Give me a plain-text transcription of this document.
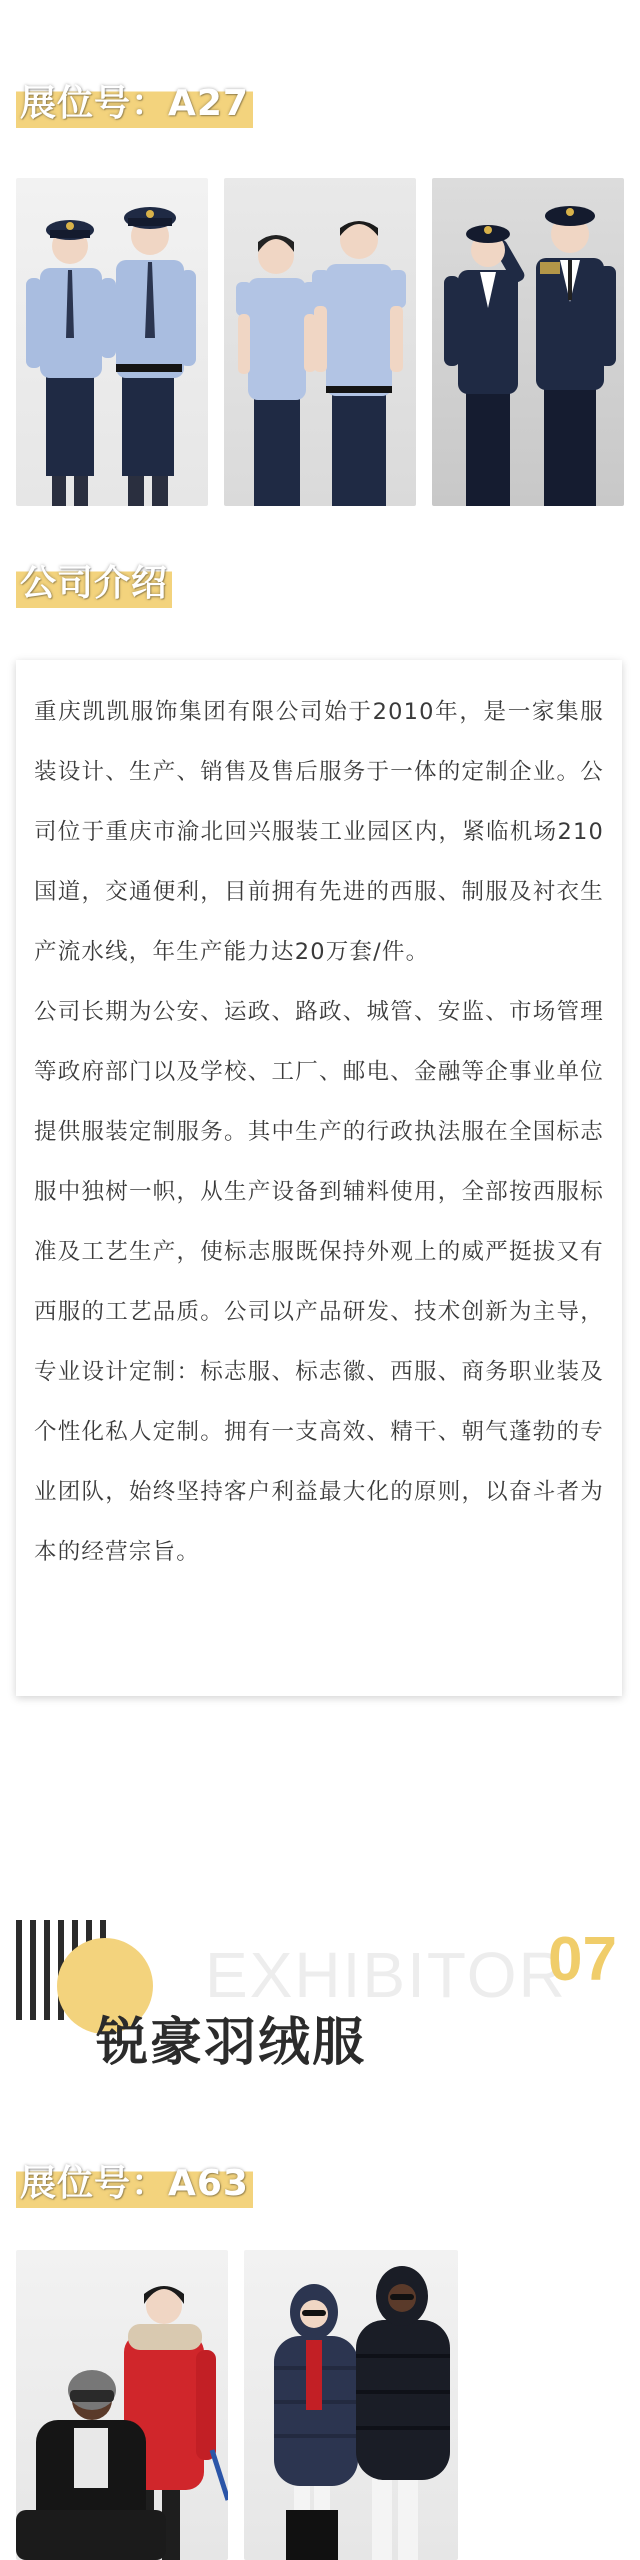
展位号：A27
公司介绍

重庆凯凯服饰集团有限公司始于2010年，是一家集服装设计、生产、销售及售后服务于一体的定制企业。公司位于重庆市渝北回兴服装工业园区内，紧临机场210国道，交通便利，目前拥有先进的西服、制服及衬衣生产流水线，年生产能力达20万套/件。

公司长期为公安、运政、路政、城管、安监、市场管理等政府部门以及学校、工厂、邮电、金融等企事业单位提供服装定制服务。其中生产的行政执法服在全国标志服中独树一帜，从生产设备到辅料使用，全部按西服标准及工艺生产，使标志服既保持外观上的威严挺拔又有西服的工艺品质。公司以产品研发、技术创新为主导，专业设计定制：标志服、标志徽、西服、商务职业装及个性化私人定制。拥有一支高效、精干、朝气蓬勃的专业团队，始终坚持客户利益最大化的原则，以奋斗者为本的经营宗旨。

EXHIBITOR
07
锐豪羽绒服
展位号：A63
